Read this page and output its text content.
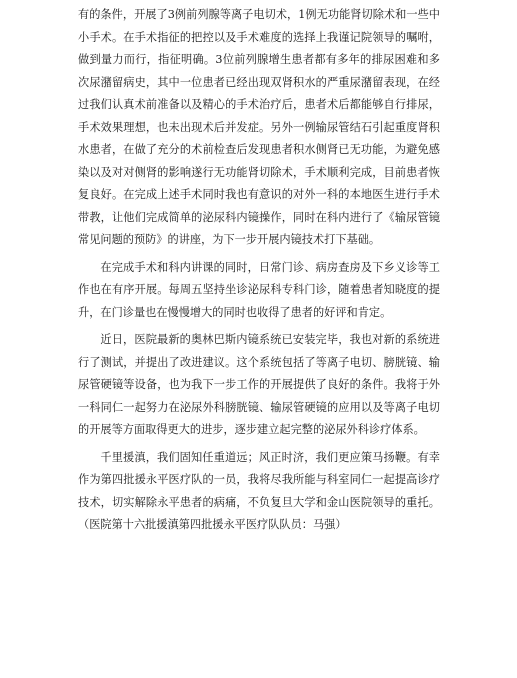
有的条件，开展了3例前列腺等离子电切术，1例无功能肾切除术和一些中小手术。在手术指征的把控以及手术难度的选择上我谨记院领导的嘱咐，做到量力而行，指征明确。3位前列腺增生患者都有多年的排尿困难和多次尿潴留病史，其中一位患者已经出现双肾积水的严重尿潴留表现，在经过我们认真术前准备以及精心的手术治疗后，患者术后都能够自行排尿，手术效果理想，也未出现术后并发症。另外一例输尿管结石引起重度肾积水患者，在做了充分的术前检查后发现患者积水侧肾已无功能，为避免感染以及对对侧肾的影响遂行无功能肾切除术，手术顺利完成，目前患者恢复良好。在完成上述手术同时我也有意识的对外一科的本地医生进行手术带教，让他们完成简单的泌尿科内镜操作，同时在科内进行了《输尿管镜常见问题的预防》的讲座，为下一步开展内镜技术打下基础。

在完成手术和科内讲课的同时，日常门诊、病房查房及下乡义诊等工作也在有序开展。每周五坚持坐诊泌尿科专科门诊，随着患者知晓度的提升，在门诊量也在慢慢增大的同时也收得了患者的好评和肯定。

近日，医院最新的奥林巴斯内镜系统已安装完毕，我也对新的系统进行了测试，并提出了改进建议。这个系统包括了等离子电切、膀胱镜、输尿管硬镜等设备，也为我下一步工作的开展提供了良好的条件。我将于外一科同仁一起努力在泌尿外科膀胱镜、输尿管硬镜的应用以及等离子电切的开展等方面取得更大的进步，逐步建立起完整的泌尿外科诊疗体系。

千里援滇，我们固知任重道远；风正时济，我们更应策马扬鞭。有幸作为第四批援永平医疗队的一员，我将尽我所能与科室同仁一起提高诊疗技术，切实解除永平患者的病痛，不负复旦大学和金山医院领导的重托。（医院第十六批援滇第四批援永平医疗队队员：马强）
